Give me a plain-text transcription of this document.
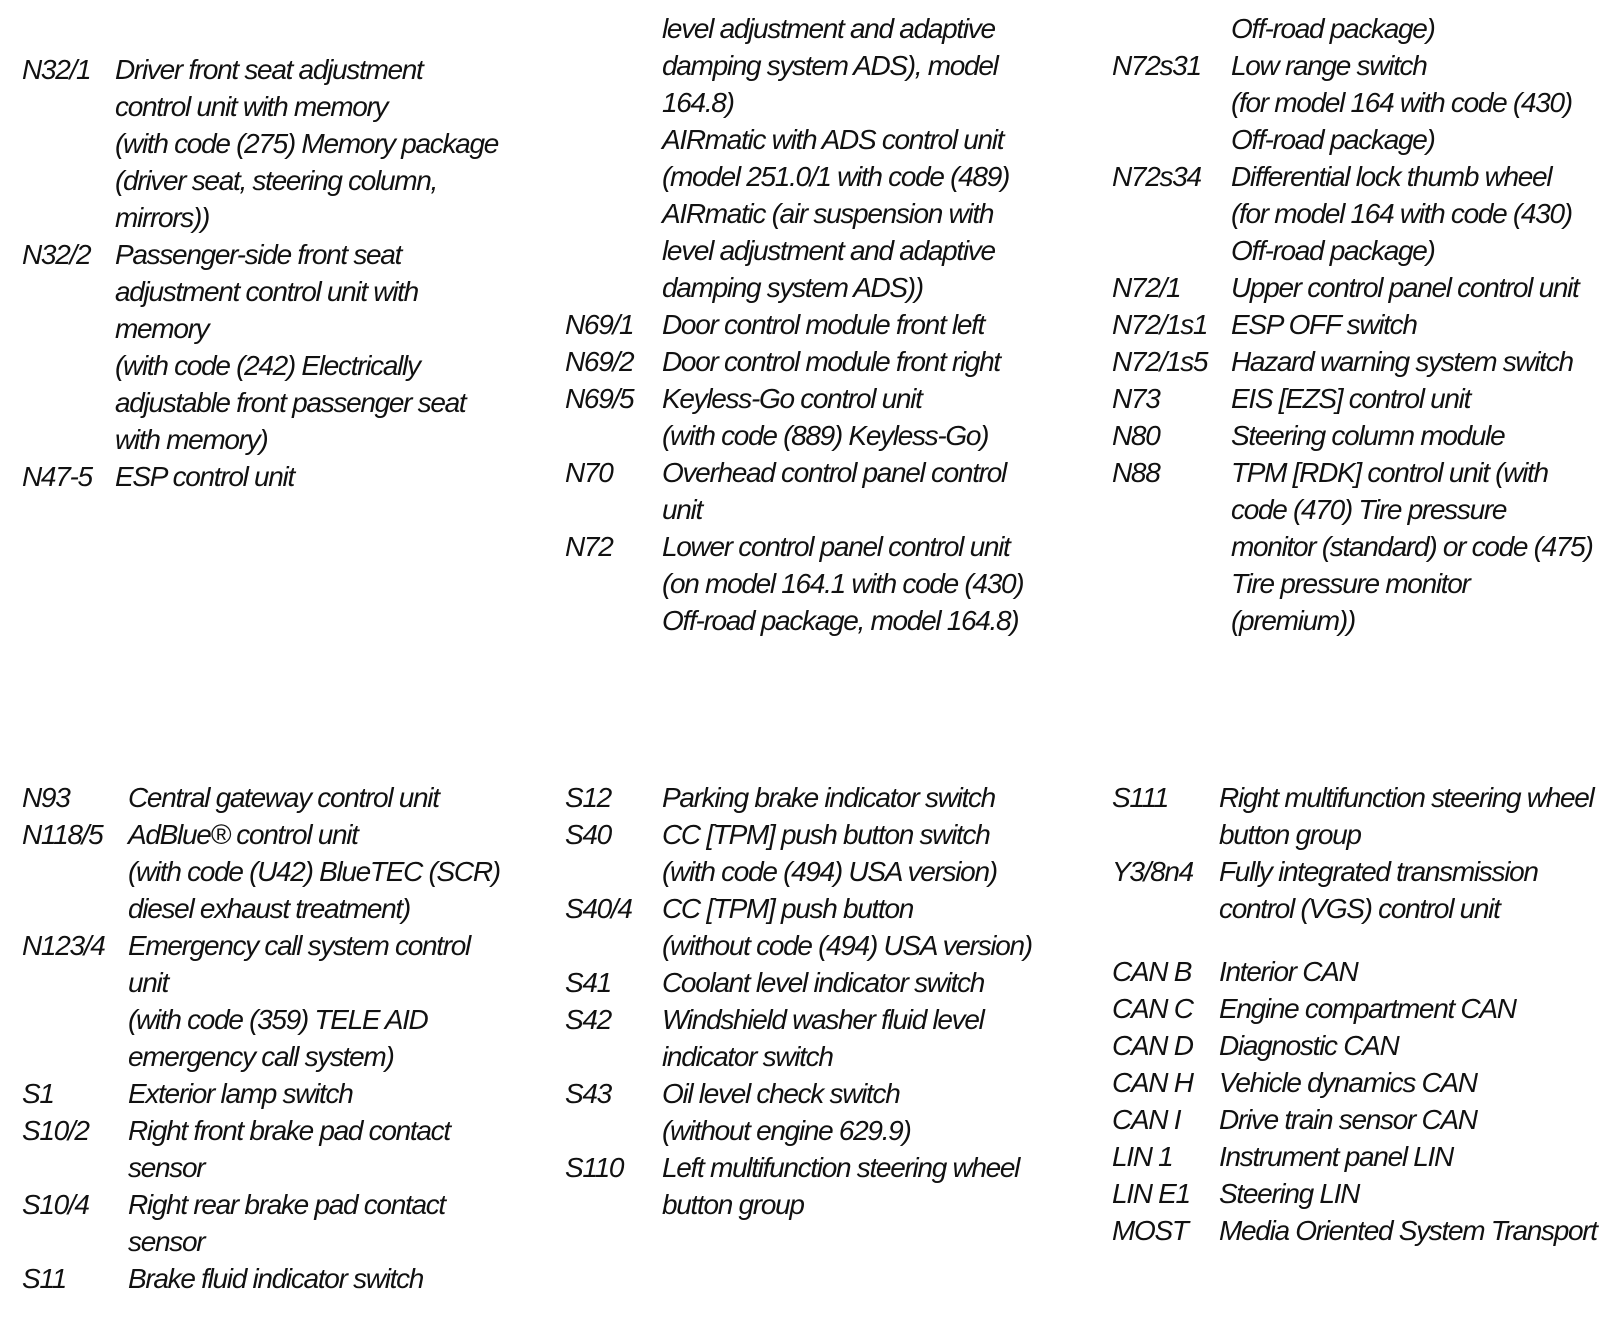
N32/1 Driver front seat adjustment
control unit with memory
(with code (275) Memory package
(driver seat, steering column,
mirrors))
N32/2 Passenger-side front seat
adjustment control unit with
memory
(with code (242) Electrically
adjustable front passenger seat
with memory)
N47-5 ESP control unit
level adjustment and adaptive
damping system ADS), model
164.8)
AIRmatic with ADS control unit
(model 251.0/1 with code (489)
AIRmatic (air suspension with
level adjustment and adaptive
damping system ADS))
N69/1	Door control module front left
N69/2	Door control module front right
N69/5	Keyless-Go control unit
(with code (889) Keyless-Go)
N70	Overhead control panel control
unit
N72	Lower control panel control unit
(on model 164.1 with code (430)
Off-road package, model 164.8)
Off-road package)
N72s31	Low range switch
(for model 164 with code (430)
Off-road package)
N72s34	Differential lock thumb wheel
(for model 164 with code (430)
Off-road package)
N72/1	Upper control panel control unit
N72/1s1 ESP OFF switch
N72/1s5 Hazard warning system switch
N73	EIS [EZS] control unit
N80	Steering column module
N88	TPM [RDK] control unit (with
code (470) Tire pressure
monitor (standard) or code (475)
Tire pressure monitor
(premium))
N93	Central gateway control unit
N118/5 AdBlue® control unit
(with code (U42) BlueTEC (SCR)
diesel exhaust treatment)
N123/4 Emergency call system control
unit
(with code (359) TELE AID
emergency call system)
S1	Exterior lamp switch
S10/2	Right front brake pad contact
sensor
S10/4	Right rear brake pad contact
sensor
S11	Brake fluid indicator switch
S12	Parking brake indicator switch
S40	CC [TPM] push button switch
(with code (494) USA version)
S40/4	CC [TPM] push button
(without code (494) USA version)
S41	Coolant level indicator switch
S42	Windshield washer fluid level
indicator switch
S43	Oil level check switch
(without engine 629.9)
S110	Left multifunction steering wheel
button group
S111	Right multifunction steering wheel
button group
Y3/8n4 Fully integrated transmission
control (VGS) control unit
CAN B Interior CAN
CAN C Engine compartment CAN
CAN D Diagnostic CAN
CAN H Vehicle dynamics CAN
CAN I	Drive train sensor CAN
LIN 1	Instrument panel LIN
LIN E1	Steering LIN
MOST	Media Oriented System Transport
